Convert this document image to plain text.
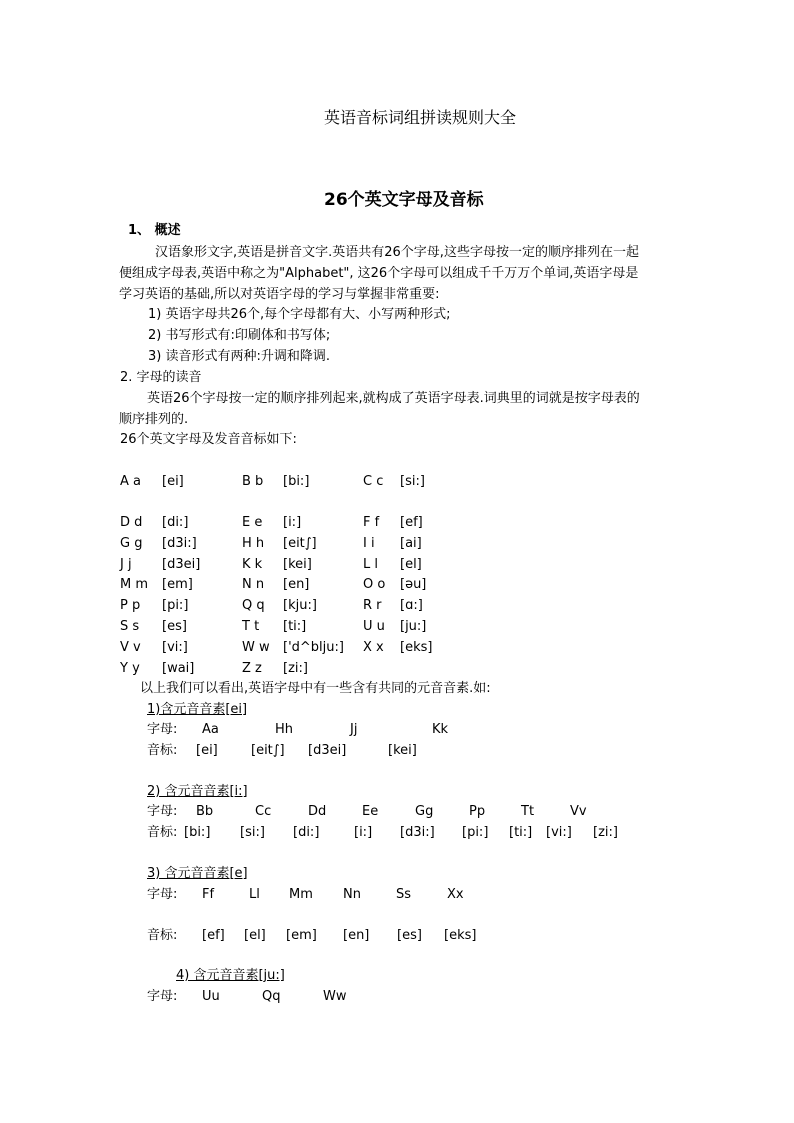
英语音标词组拼读规则大全
26个英文字母及音标
1、 概述
汉语象形文字,英语是拼音文字.英语共有26个字母,这些字母按一定的顺序排列在一起
便组成字母表,英语中称之为"Alphabet", 这26个字母可以组成千千万万个单词,英语字母是
学习英语的基础,所以对英语字母的学习与掌握非常重要:
1) 英语字母共26个,每个字母都有大、小写两种形式;
2) 书写形式有:印刷体和书写体;
3) 读音形式有两种:升调和降调.
2. 字母的读音
英语26个字母按一定的顺序排列起来,就构成了英语字母表.词典里的词就是按字母表的
顺序排列的.
26个英文字母及发音音标如下:
A a [ei]	B b [bi:]	C c [si:]
D d [di:]	E e [i:]	F f [ef]
G g [d3i:]	H h [eit∫]	I i [ai]
J j [d3ei]	K k [kei]	L l [el]
M m [em]	N n [en]	O o [əu]
P p [pi:]	Q q [kju:]	R r [ɑ:]
S s [es]	T t [ti:]	U u [ju:]
V v [vi:]	W w ['d^blju:] X x [eks]
Y y [wai]	Z z [zi:]
以上我们可以看出,英语字母中有一些含有共同的元音音素.如:
1)含元音音素[ei]
字母: Aa	Hh	Jj	Kk
音标: [ei]	[eit∫] [d3ei]	[kei]
2) 含元音音素[i:]
字母: Bb	Cc	Dd	Ee	Gg	Pp	Tt	Vv
音标: [bi:] [si:] [di:]	[i:] [d3i:] [pi:] [ti:] [vi:] [zi:]
3) 含元音音素[e]
字母: Ff	Ll Mm Nn	Ss	Xx
音标: [ef] [el] [em] [en] [es] [eks]
4) 含元音音素[ju:]
字母: Uu	Qq	Ww
